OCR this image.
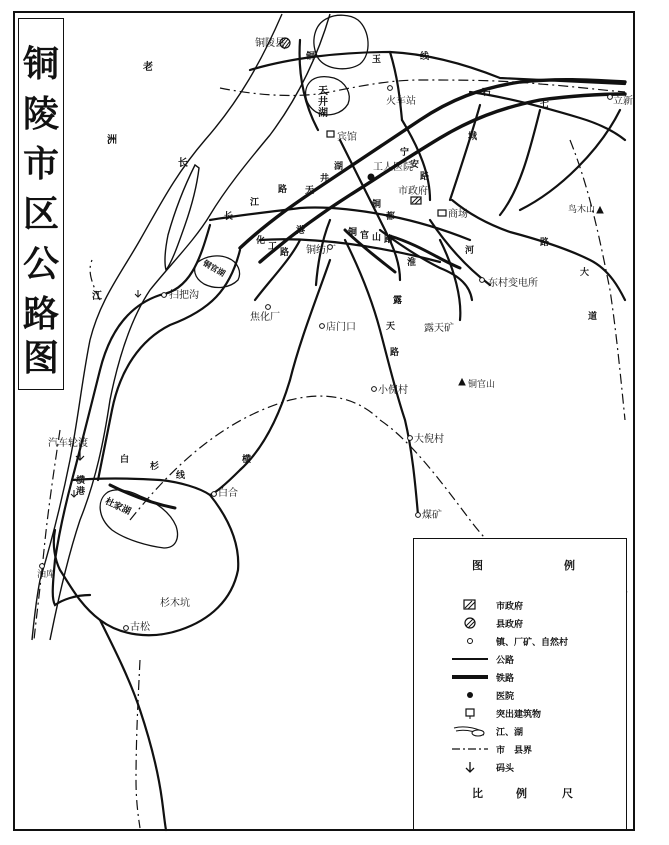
铜
陵
市
区
公
路
图
老
洲
长
江
铜陵县
天井湖
火车站	立新
宾馆
工人医院
市政府
商场	鸟木山
铜纺厂
东村变电所
扫把沟
铜官湖
焦化厂
店门口	露天矿
铜官山
小倪村
大倪村
汽车轮渡
横港
杜家湖
白合
煤矿
油库
杉木坑
古松
铜	玉	线
石
七
城
长
江
路
铜 官 山 路
宁
安
路
白
杉
线
露
天
路
横
港
化
工
路
淮
河
路
铜
都
大
道
天
井
湖
图	例
市政府
县政府
镇、厂矿、自然村
公路
铁路
医院
突出建筑物
江、湖
市　县界
码头
比	例	尺
